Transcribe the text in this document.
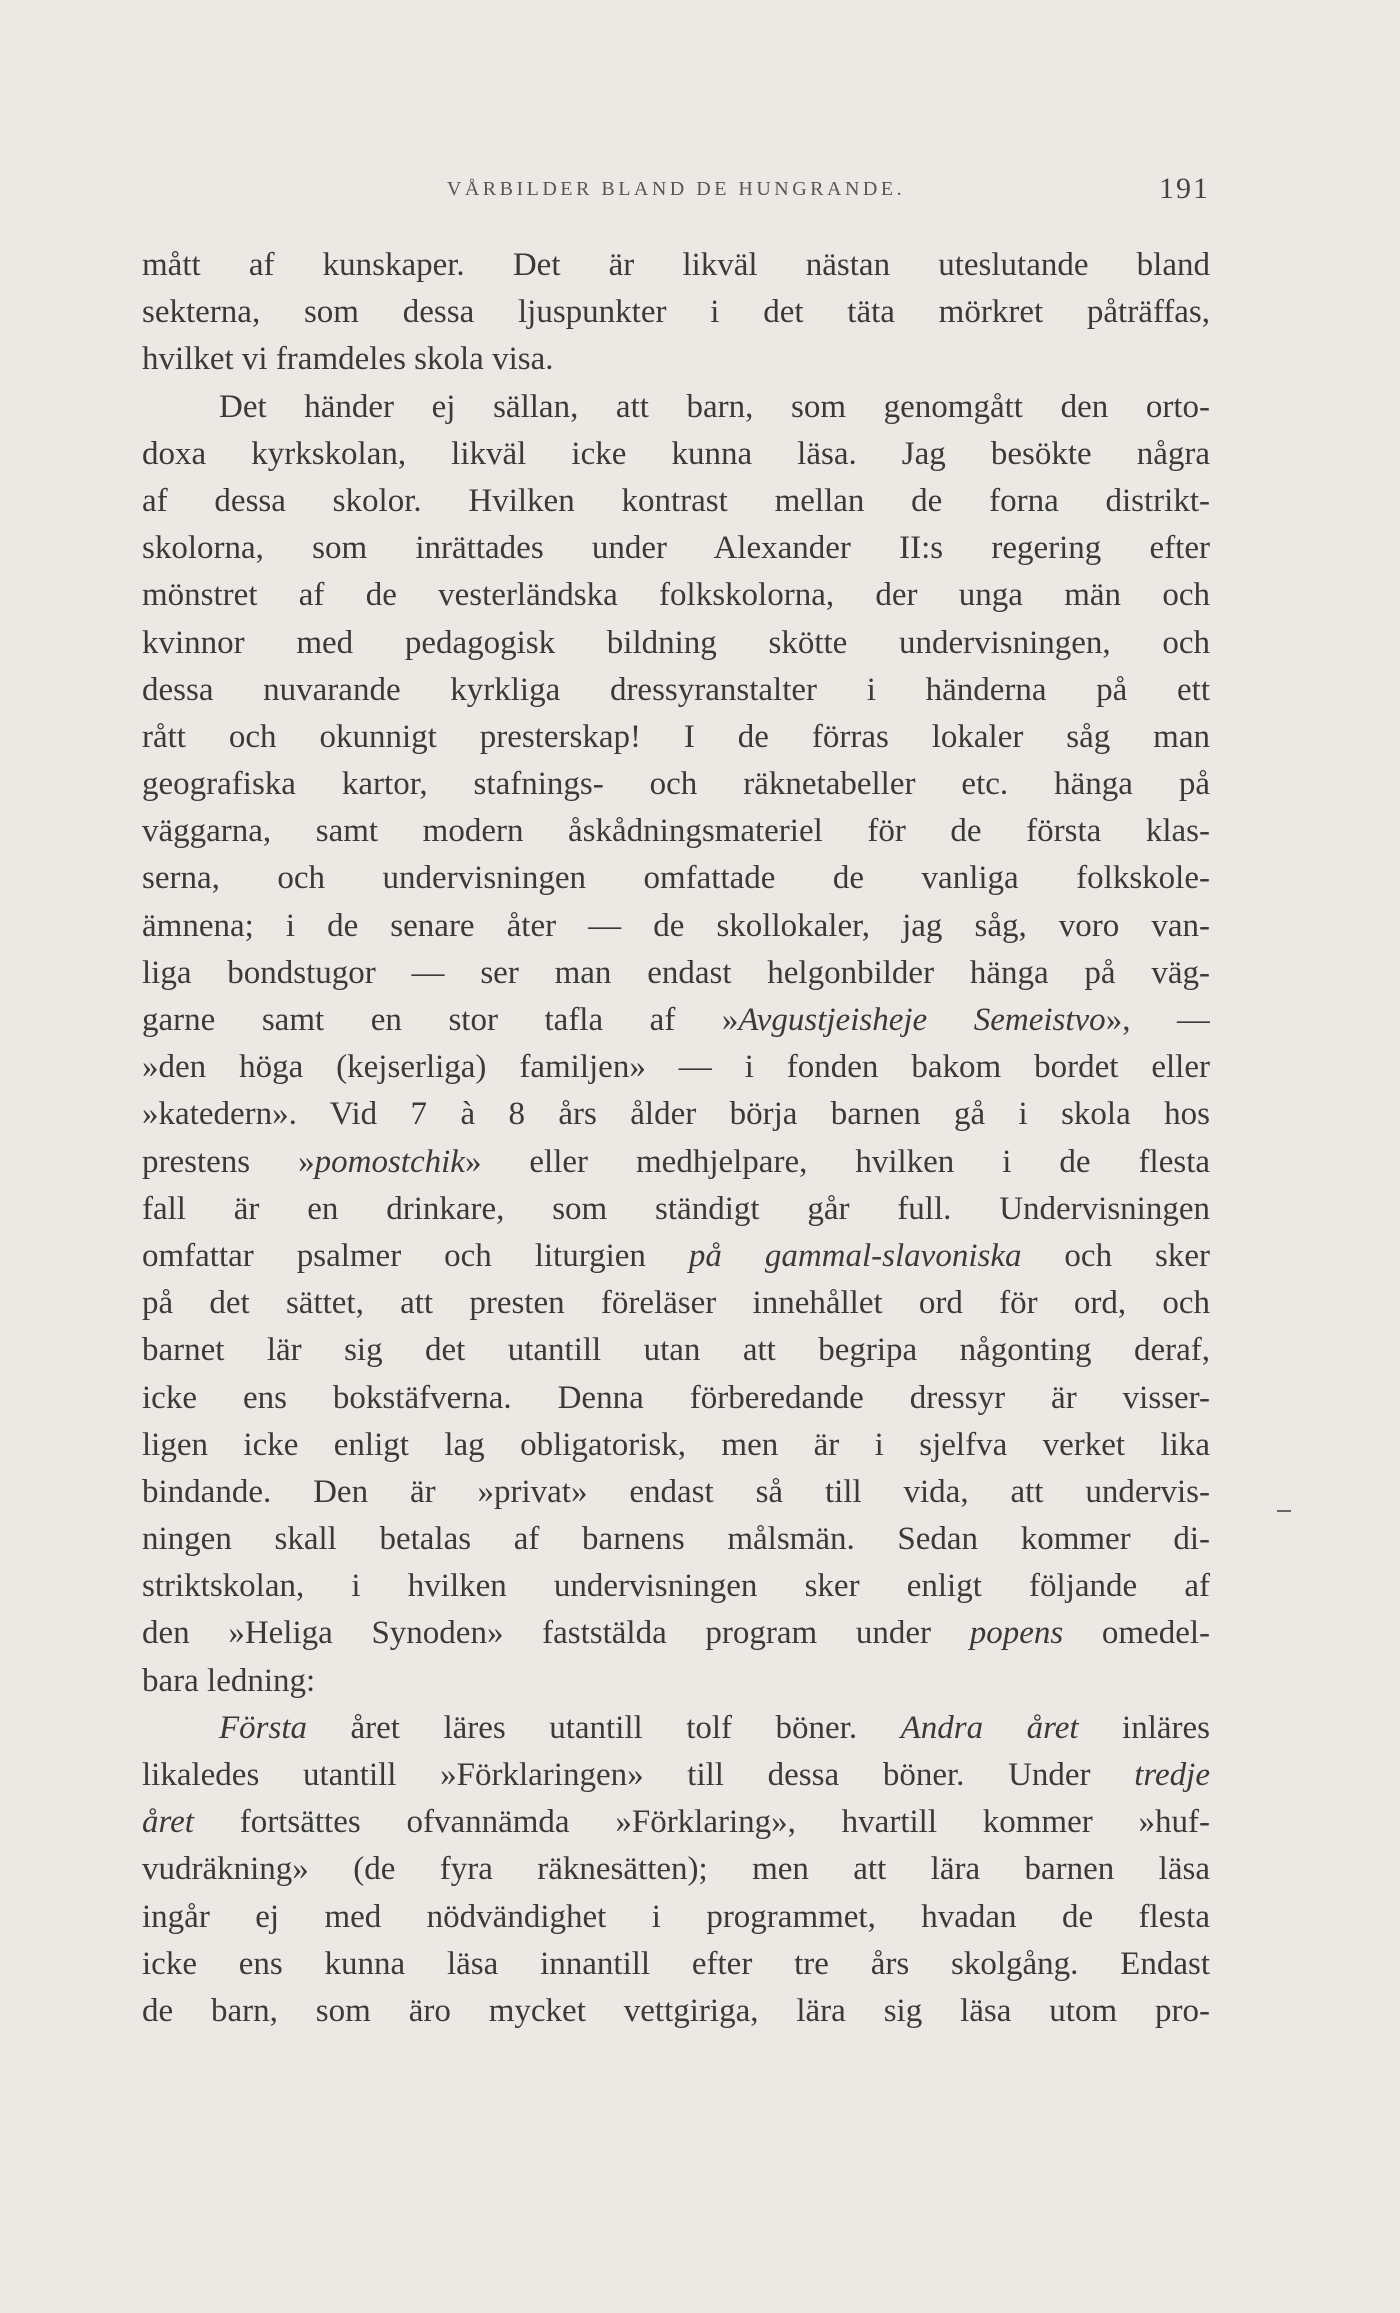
VÅRBILDER BLAND DE HUNGRANDE.	191
mått af kunskaper. Det är likväl nästan uteslutande bland
sekterna, som dessa ljuspunkter i det täta mörkret påträffas,
hvilket vi framdeles skola visa.
Det händer ej sällan, att barn, som genomgått den orto-
doxa kyrkskolan, likväl icke kunna läsa. Jag besökte några
af dessa skolor. Hvilken kontrast mellan de forna distrikt-
skolorna, som inrättades under Alexander II:s regering efter
mönstret af de vesterländska folkskolorna, der unga män och
kvinnor med pedagogisk bildning skötte undervisningen, och
dessa nuvarande kyrkliga dressyranstalter i händerna på ett
rått och okunnigt presterskap! I de förras lokaler såg man
geografiska kartor, stafnings- och räknetabeller etc. hänga på
väggarna, samt modern åskådningsmateriel för de första klas-
serna, och undervisningen omfattade de vanliga folkskole-
ämnena; i de senare åter — de skollokaler, jag såg, voro van-
liga bondstugor — ser man endast helgonbilder hänga på väg-
garne samt en stor tafla af »Avgustjeisheje Semeistvo», —
»den höga (kejserliga) familjen» — i fonden bakom bordet eller
»katedern». Vid 7 à 8 års ålder börja barnen gå i skola hos
prestens »pomostchik» eller medhjelpare, hvilken i de flesta
fall är en drinkare, som ständigt går full. Undervisningen
omfattar psalmer och liturgien på gammal-slavoniska och sker
på det sättet, att presten föreläser innehållet ord för ord, och
barnet lär sig det utantill utan att begripa någonting deraf,
icke ens bokstäfverna. Denna förberedande dressyr är visser-
ligen icke enligt lag obligatorisk, men är i sjelfva verket lika
bindande. Den är »privat» endast så till vida, att undervis-
ningen skall betalas af barnens målsmän. Sedan kommer di-
striktskolan, i hvilken undervisningen sker enligt följande af
den »Heliga Synoden» faststälda program under popens omedel-
bara ledning:
Första året läres utantill tolf böner. Andra året inläres
likaledes utantill »Förklaringen» till dessa böner. Under tredje
året fortsättes ofvannämda »Förklaring», hvartill kommer »huf-
vudräkning» (de fyra räknesätten); men att lära barnen läsa
ingår ej med nödvändighet i programmet, hvadan de flesta
icke ens kunna läsa innantill efter tre års skolgång. Endast
de barn, som äro mycket vettgiriga, lära sig läsa utom pro-
